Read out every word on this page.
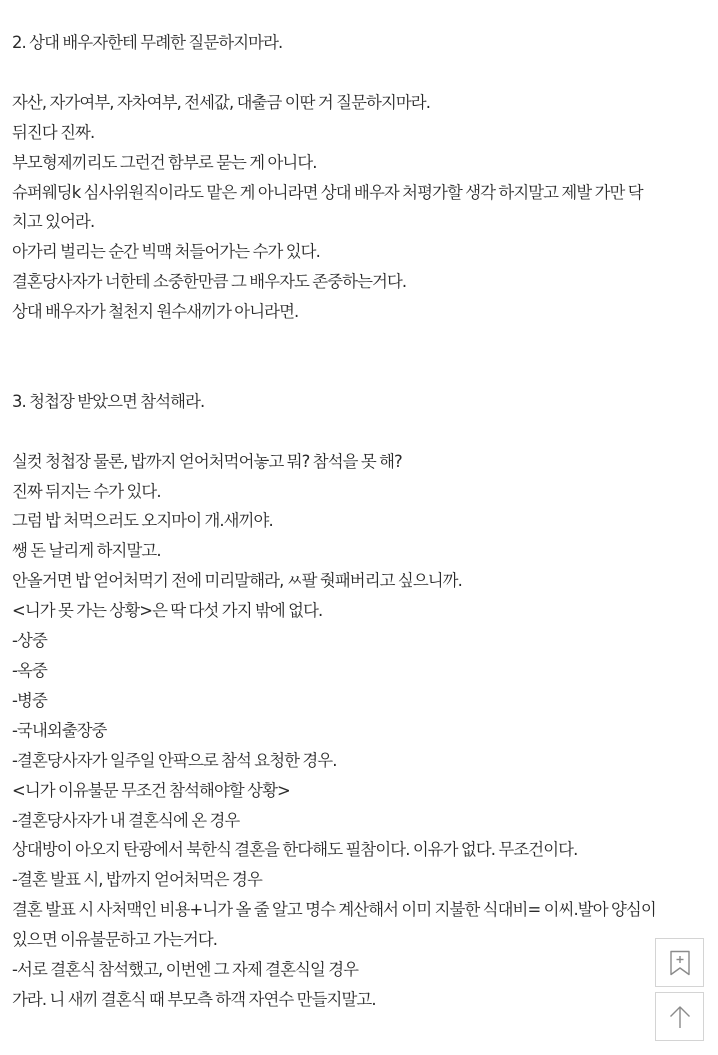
2. 상대 배우자한테 무례한 질문하지마라.

자산, 자가여부, 자차여부, 전세값, 대출금 이딴 거 질문하지마라.

뒤진다 진짜.

부모형제끼리도 그런건 함부로 묻는 게 아니다.

슈퍼웨딩k 심사위원직이라도 맡은 게 아니라면 상대 배우자 처평가할 생각 하지말고 제발 가만 닥

치고 있어라.

아가리 벌리는 순간 빅맥 처들어가는 수가 있다.

결혼당사자가 너한테 소중한만큼 그 배우자도 존중하는거다.

상대 배우자가 철천지 원수새끼가 아니라면.

3. 청첩장 받았으면 참석해라.

실컷 청첩장 물론, 밥까지 얻어처먹어놓고 뭐? 참석을 못 해?

진짜 뒤지는 수가 있다.

그럼 밥 처먹으러도 오지마이 개.새끼야.

쌩 돈 날리게 하지말고.

안올거면 밥 얻어처먹기 전에 미리말해라, ㅆ팔 줫패버리고 싶으니까.

<니가 못 가는 상황>은 딱 다섯 가지 밖에 없다.

-상중

-옥중

-병중

-국내외출장중

-결혼당사자가 일주일 안팍으로 참석 요청한 경우.

<니가 이유불문 무조건 참석해야할 상황>

-결혼당사자가 내 결혼식에 온 경우

상대방이 아오지 탄광에서 북한식 결혼을 한다해도 필참이다. 이유가 없다. 무조건이다.

-결혼 발표 시, 밥까지 얻어처먹은 경우

결혼 발표 시 사처맥인 비용+니가 올 줄 알고 명수 계산해서 이미 지불한 식대비= 이씨.발아 양심이

있으면 이유불문하고 가는거다.

-서로 결혼식 참석했고, 이번엔 그 자제 결혼식일 경우

가라. 니 새끼 결혼식 때 부모측 하객 자연수 만들지말고.
